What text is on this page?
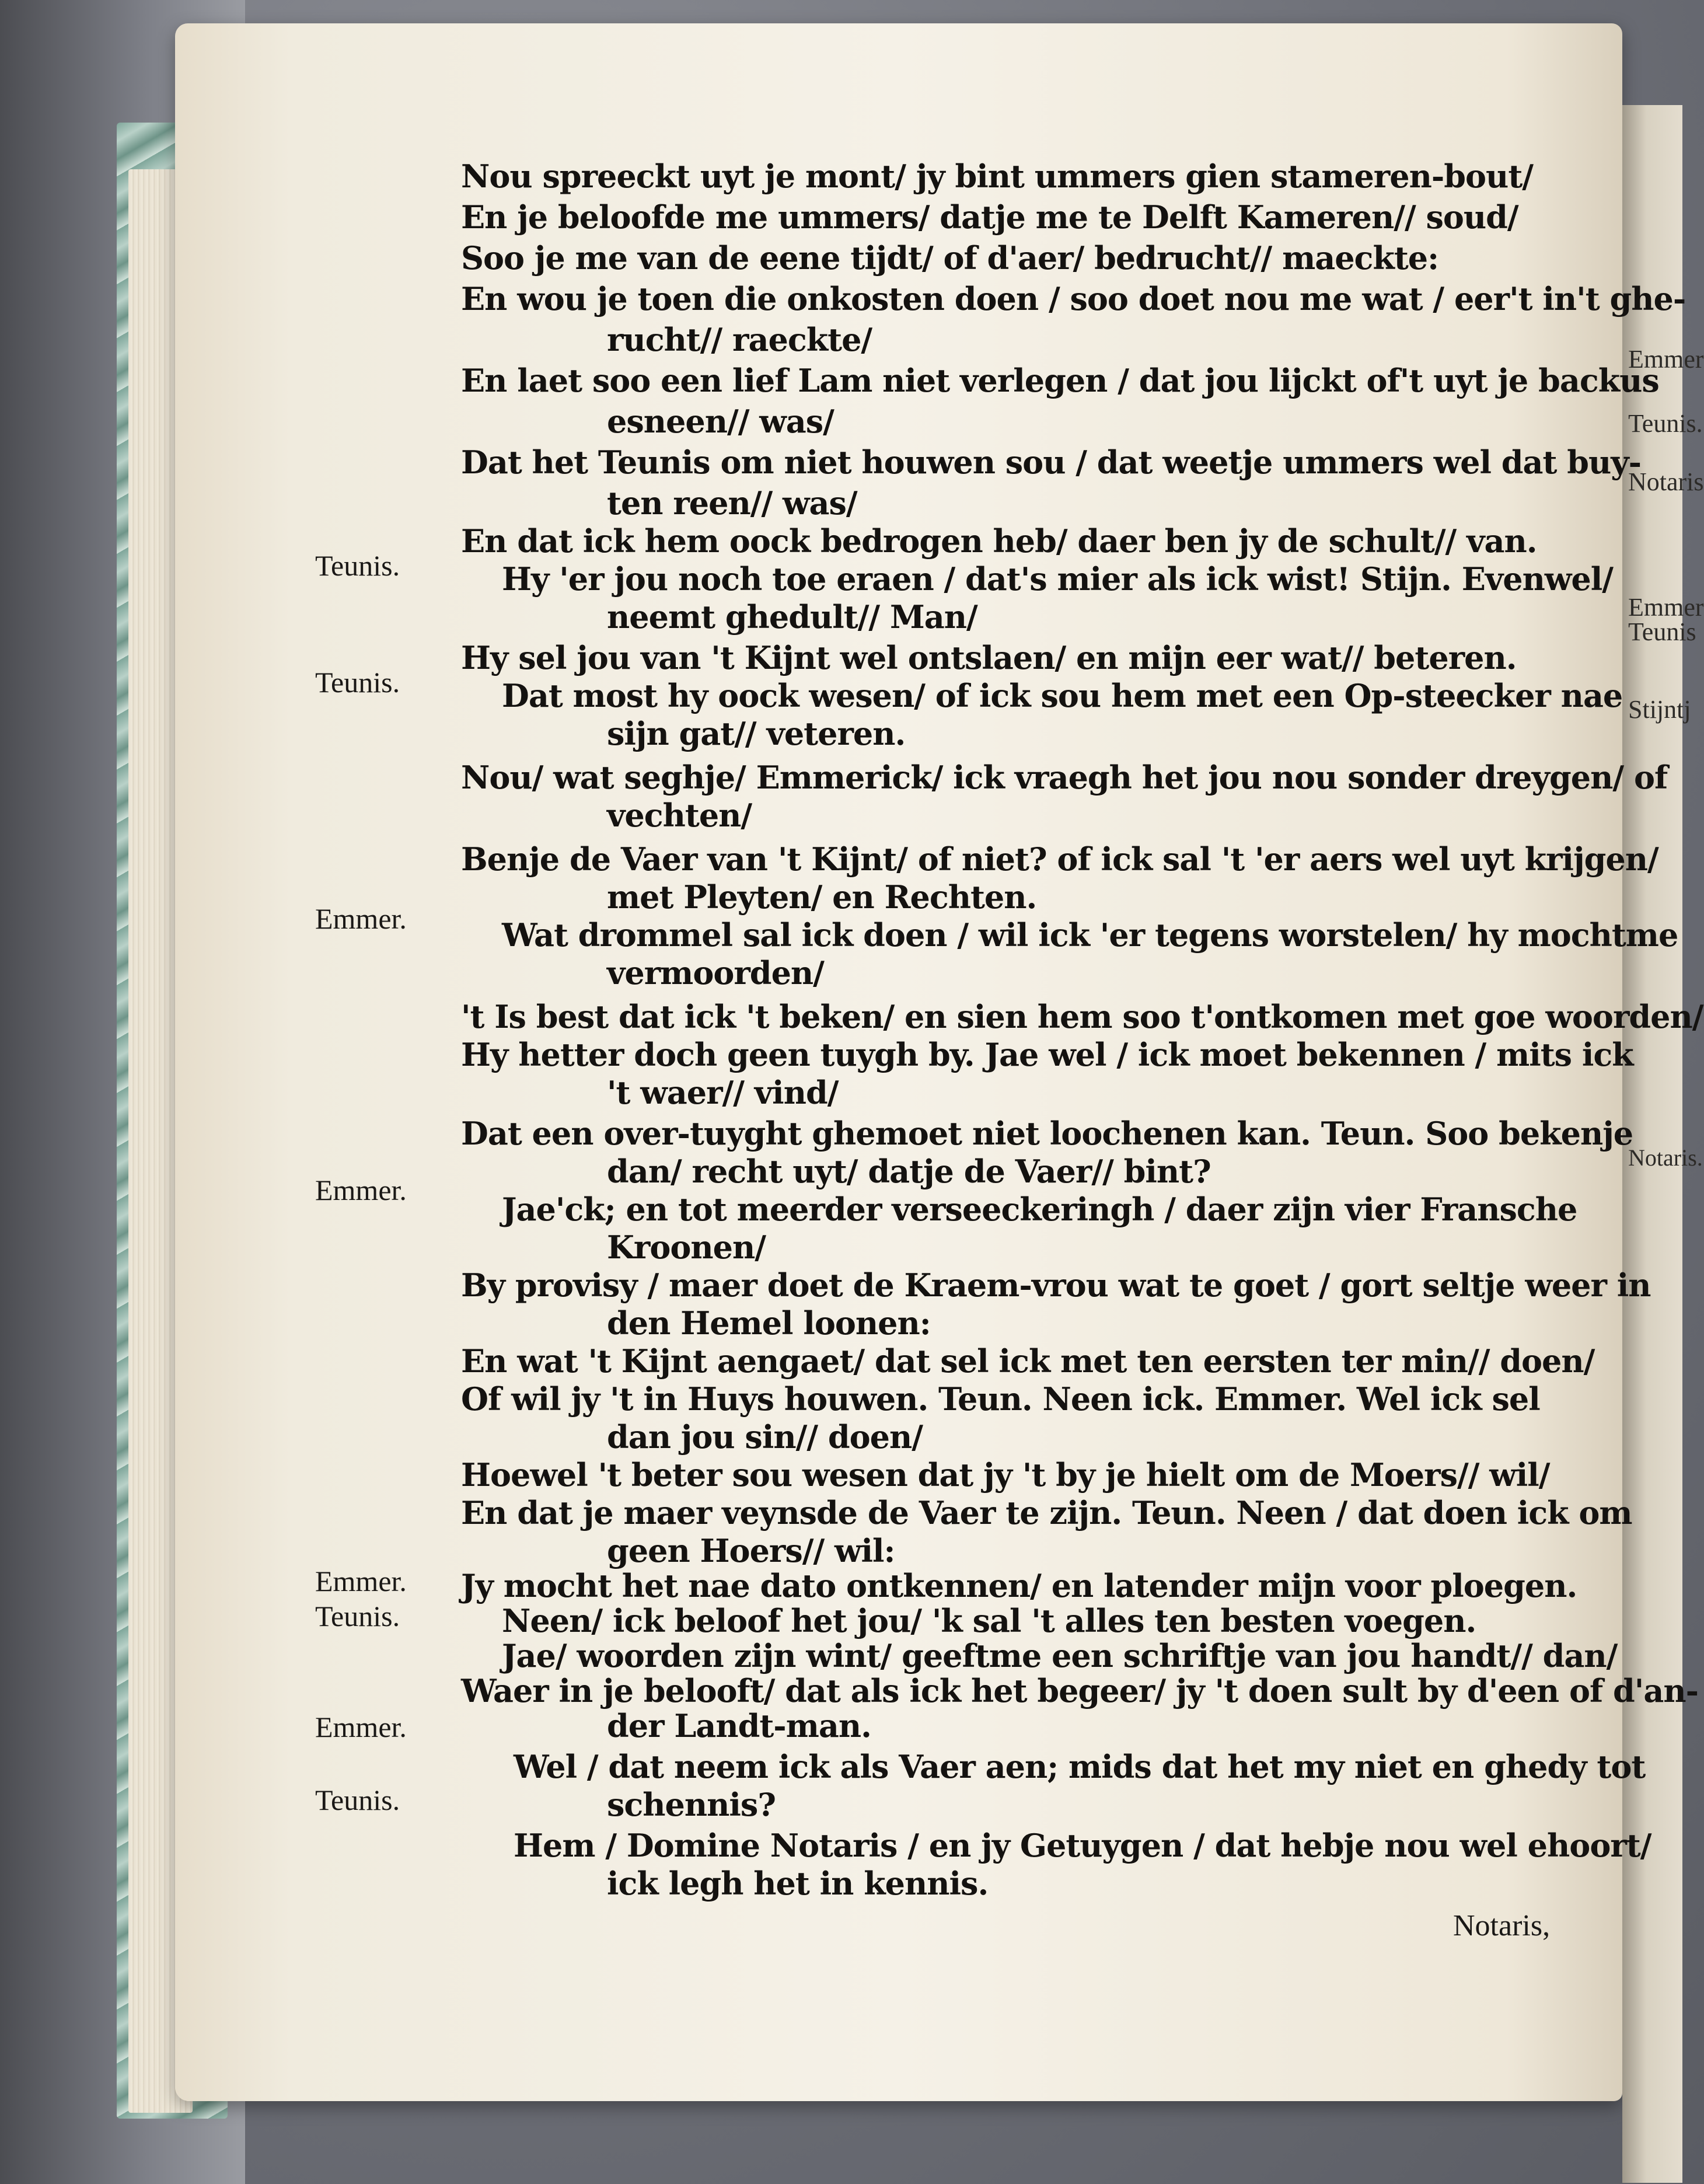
Emmer
Teunis.
Notaris
Emmer Teunis
Stijntj
Notaris.
Teunis.
Teunis.
Emmer.
Emmer.
Emmer.
Teunis.
Emmer.
Teunis.
Nou spreeckt uyt je mont/ jy bint ummers gien stameren-bout/
En je beloofde me ummers/ datje me te Delft Kameren// soud/
Soo je me van de eene tijdt/ of d'aer/ bedrucht// maeckte:
En wou je toen die onkosten doen / soo doet nou me wat / eer't in't ghe-
rucht// raeckte/
En laet soo een lief Lam niet verlegen / dat jou lijckt of't uyt je backus
esneen// was/
Dat het Teunis om niet houwen sou / dat weetje ummers wel dat buy-
ten reen// was/
En dat ick hem oock bedrogen heb/ daer ben jy de schult// van.
Hy 'er jou noch toe eraen / dat's mier als ick wist! Stijn. Evenwel/
neemt ghedult// Man/
Hy sel jou van 't Kijnt wel ontslaen/ en mijn eer wat// beteren.
Dat most hy oock wesen/ of ick sou hem met een Op-steecker nae
sijn gat// veteren.
Nou/ wat seghje/ Emmerick/ ick vraegh het jou nou sonder dreygen/ of
vechten/
Benje de Vaer van 't Kijnt/ of niet? of ick sal 't 'er aers wel uyt krijgen/
met Pleyten/ en Rechten.
Wat drommel sal ick doen / wil ick 'er tegens worstelen/ hy mochtme
vermoorden/
't Is best dat ick 't beken/ en sien hem soo t'ontkomen met goe woorden/
Hy hetter doch geen tuygh by. Jae wel / ick moet bekennen / mits ick
't waer// vind/
Dat een over-tuyght ghemoet niet loochenen kan. Teun. Soo bekenje
dan/ recht uyt/ datje de Vaer// bint?
Jae'ck; en tot meerder verseeckeringh / daer zijn vier Fransche
Kroonen/
By provisy / maer doet de Kraem-vrou wat te goet / gort seltje weer in
den Hemel loonen:
En wat 't Kijnt aengaet/ dat sel ick met ten eersten ter min// doen/
Of wil jy 't in Huys houwen. Teun. Neen ick. Emmer. Wel ick sel
dan jou sin// doen/
Hoewel 't beter sou wesen dat jy 't by je hielt om de Moers// wil/
En dat je maer veynsde de Vaer te zijn. Teun. Neen / dat doen ick om
geen Hoers// wil:
Jy mocht het nae dato ontkennen/ en latender mijn voor ploegen.
Neen/ ick beloof het jou/ 'k sal 't alles ten besten voegen.
Jae/ woorden zijn wint/ geeftme een schriftje van jou handt// dan/
Waer in je belooft/ dat als ick het begeer/ jy 't doen sult by d'een of d'an-
der Landt-man.
Wel / dat neem ick als Vaer aen; mids dat het my niet en ghedy tot
schennis?
Hem / Domine Notaris / en jy Getuygen / dat hebje nou wel ehoort/
ick legh het in kennis.
Notaris,
